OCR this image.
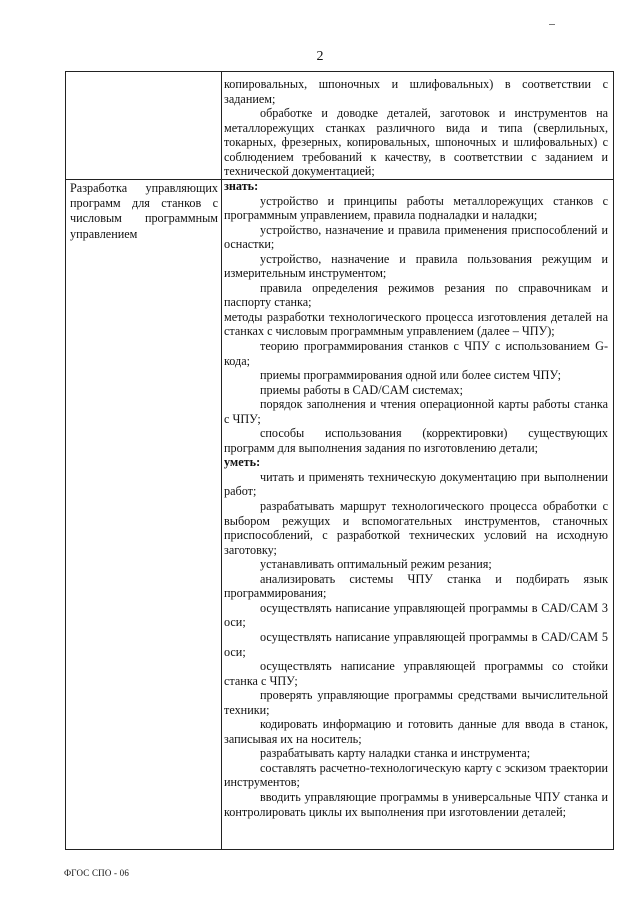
2
Разработка управляющих программ для станков с числовым программным управлением

копировальных, шпоночных и шлифовальных) в соответствии с заданием;

обработке и доводке деталей, заготовок и инструментов на металлорежущих станках различного вида и типа (сверлильных, токарных, фрезерных, копировальных, шпоночных и шлифовальных) с соблюдением требований к качеству, в соответствии с заданием и технической документацией;

знать:

устройство и принципы работы металлорежущих станков с программным управлением, правила подналадки и наладки;

устройство, назначение и правила применения приспособлений и оснастки;

устройство, назначение и правила пользования режущим и измерительным инструментом;

правила определения режимов резания по справочникам и паспорту станка;

методы разработки технологического процесса изготовления деталей на станках с числовым программным управлением (далее – ЧПУ);

теорию программирования станков с ЧПУ с использованием G-кода;

приемы программирования одной или более систем ЧПУ;

приемы работы в CAD/CAM системах;

порядок заполнения и чтения операционной карты работы станка с ЧПУ;

способы использования (корректировки) существующих программ для выполнения задания по изготовлению детали;

уметь:

читать и применять техническую документацию при выполнении работ;

разрабатывать маршрут технологического процесса обработки с выбором режущих и вспомогательных инструментов, станочных приспособлений, с разработкой технических условий на исходную заготовку;

устанавливать оптимальный режим резания;

анализировать системы ЧПУ станка и подбирать язык программирования;

осуществлять написание управляющей программы в CAD/CAM 3 оси;

осуществлять написание управляющей программы в CAD/CAM 5 оси;

осуществлять написание управляющей программы со стойки станка с ЧПУ;

проверять управляющие программы средствами вычислительной техники;

кодировать информацию и готовить данные для ввода в станок, записывая их на носитель;

разрабатывать карту наладки станка и инструмента;

составлять расчетно-технологическую карту с эскизом траектории инструментов;

вводить управляющие программы в универсальные ЧПУ станка и контролировать циклы их выполнения при изготовлении деталей;

ФГОС СПО - 06
